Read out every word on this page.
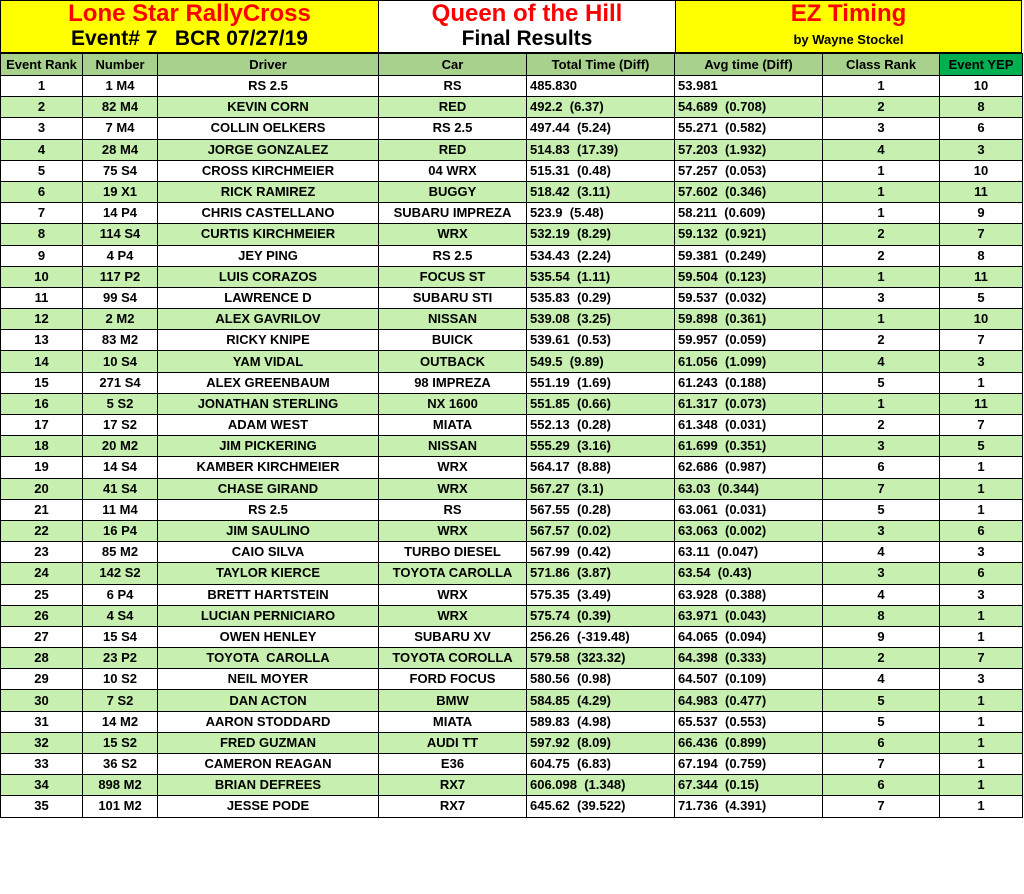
Lone Star RallyCross
Event# 7   BCR 07/27/19
Queen of the Hill
Final Results
EZ Timing
by Wayne Stockel
Event Rank	Number	Driver	Car	Total Time (Diff)	Avg time (Diff)	Class Rank	Event YEP
1	1 M4	RS 2.5	RS	485.830	53.981	1	10
2	82 M4	KEVIN CORN	RED	492.2  (6.37)	54.689  (0.708)	2	8
3	7 M4	COLLIN OELKERS	RS 2.5	497.44  (5.24)	55.271  (0.582)	3	6
4	28 M4	JORGE GONZALEZ	RED	514.83  (17.39)	57.203  (1.932)	4	3
5	75 S4	CROSS KIRCHMEIER	04 WRX	515.31  (0.48)	57.257  (0.053)	1	10
6	19 X1	RICK RAMIREZ	BUGGY	518.42  (3.11)	57.602  (0.346)	1	11
7	14 P4	CHRIS CASTELLANO	SUBARU IMPREZA	523.9  (5.48)	58.211  (0.609)	1	9
8	114 S4	CURTIS KIRCHMEIER	WRX	532.19  (8.29)	59.132  (0.921)	2	7
9	4 P4	JEY PING	RS 2.5	534.43  (2.24)	59.381  (0.249)	2	8
10	117 P2	LUIS CORAZOS	FOCUS ST	535.54  (1.11)	59.504  (0.123)	1	11
11	99 S4	LAWRENCE D	SUBARU STI	535.83  (0.29)	59.537  (0.032)	3	5
12	2 M2	ALEX GAVRILOV	NISSAN	539.08  (3.25)	59.898  (0.361)	1	10
13	83 M2	RICKY KNIPE	BUICK	539.61  (0.53)	59.957  (0.059)	2	7
14	10 S4	YAM VIDAL	OUTBACK	549.5  (9.89)	61.056  (1.099)	4	3
15	271 S4	ALEX GREENBAUM	98 IMPREZA	551.19  (1.69)	61.243  (0.188)	5	1
16	5 S2	JONATHAN STERLING	NX 1600	551.85  (0.66)	61.317  (0.073)	1	11
17	17 S2	ADAM WEST	MIATA	552.13  (0.28)	61.348  (0.031)	2	7
18	20 M2	JIM PICKERING	NISSAN	555.29  (3.16)	61.699  (0.351)	3	5
19	14 S4	KAMBER KIRCHMEIER	WRX	564.17  (8.88)	62.686  (0.987)	6	1
20	41 S4	CHASE GIRAND	WRX	567.27  (3.1)	63.03  (0.344)	7	1
21	11 M4	RS 2.5	RS	567.55  (0.28)	63.061  (0.031)	5	1
22	16 P4	JIM SAULINO	WRX	567.57  (0.02)	63.063  (0.002)	3	6
23	85 M2	CAIO SILVA	TURBO DIESEL	567.99  (0.42)	63.11  (0.047)	4	3
24	142 S2	TAYLOR KIERCE	TOYOTA CAROLLA	571.86  (3.87)	63.54  (0.43)	3	6
25	6 P4	BRETT HARTSTEIN	WRX	575.35  (3.49)	63.928  (0.388)	4	3
26	4 S4	LUCIAN PERNICIARO	WRX	575.74  (0.39)	63.971  (0.043)	8	1
27	15 S4	OWEN HENLEY	SUBARU XV	256.26  (-319.48)	64.065  (0.094)	9	1
28	23 P2	TOYOTA  CAROLLA	TOYOTA COROLLA	579.58  (323.32)	64.398  (0.333)	2	7
29	10 S2	NEIL MOYER	FORD FOCUS	580.56  (0.98)	64.507  (0.109)	4	3
30	7 S2	DAN ACTON	BMW	584.85  (4.29)	64.983  (0.477)	5	1
31	14 M2	AARON STODDARD	MIATA	589.83  (4.98)	65.537  (0.553)	5	1
32	15 S2	FRED GUZMAN	AUDI TT	597.92  (8.09)	66.436  (0.899)	6	1
33	36 S2	CAMERON REAGAN	E36	604.75  (6.83)	67.194  (0.759)	7	1
34	898 M2	BRIAN DEFREES	RX7	606.098  (1.348)	67.344  (0.15)	6	1
35	101 M2	JESSE PODE	RX7	645.62  (39.522)	71.736  (4.391)	7	1
